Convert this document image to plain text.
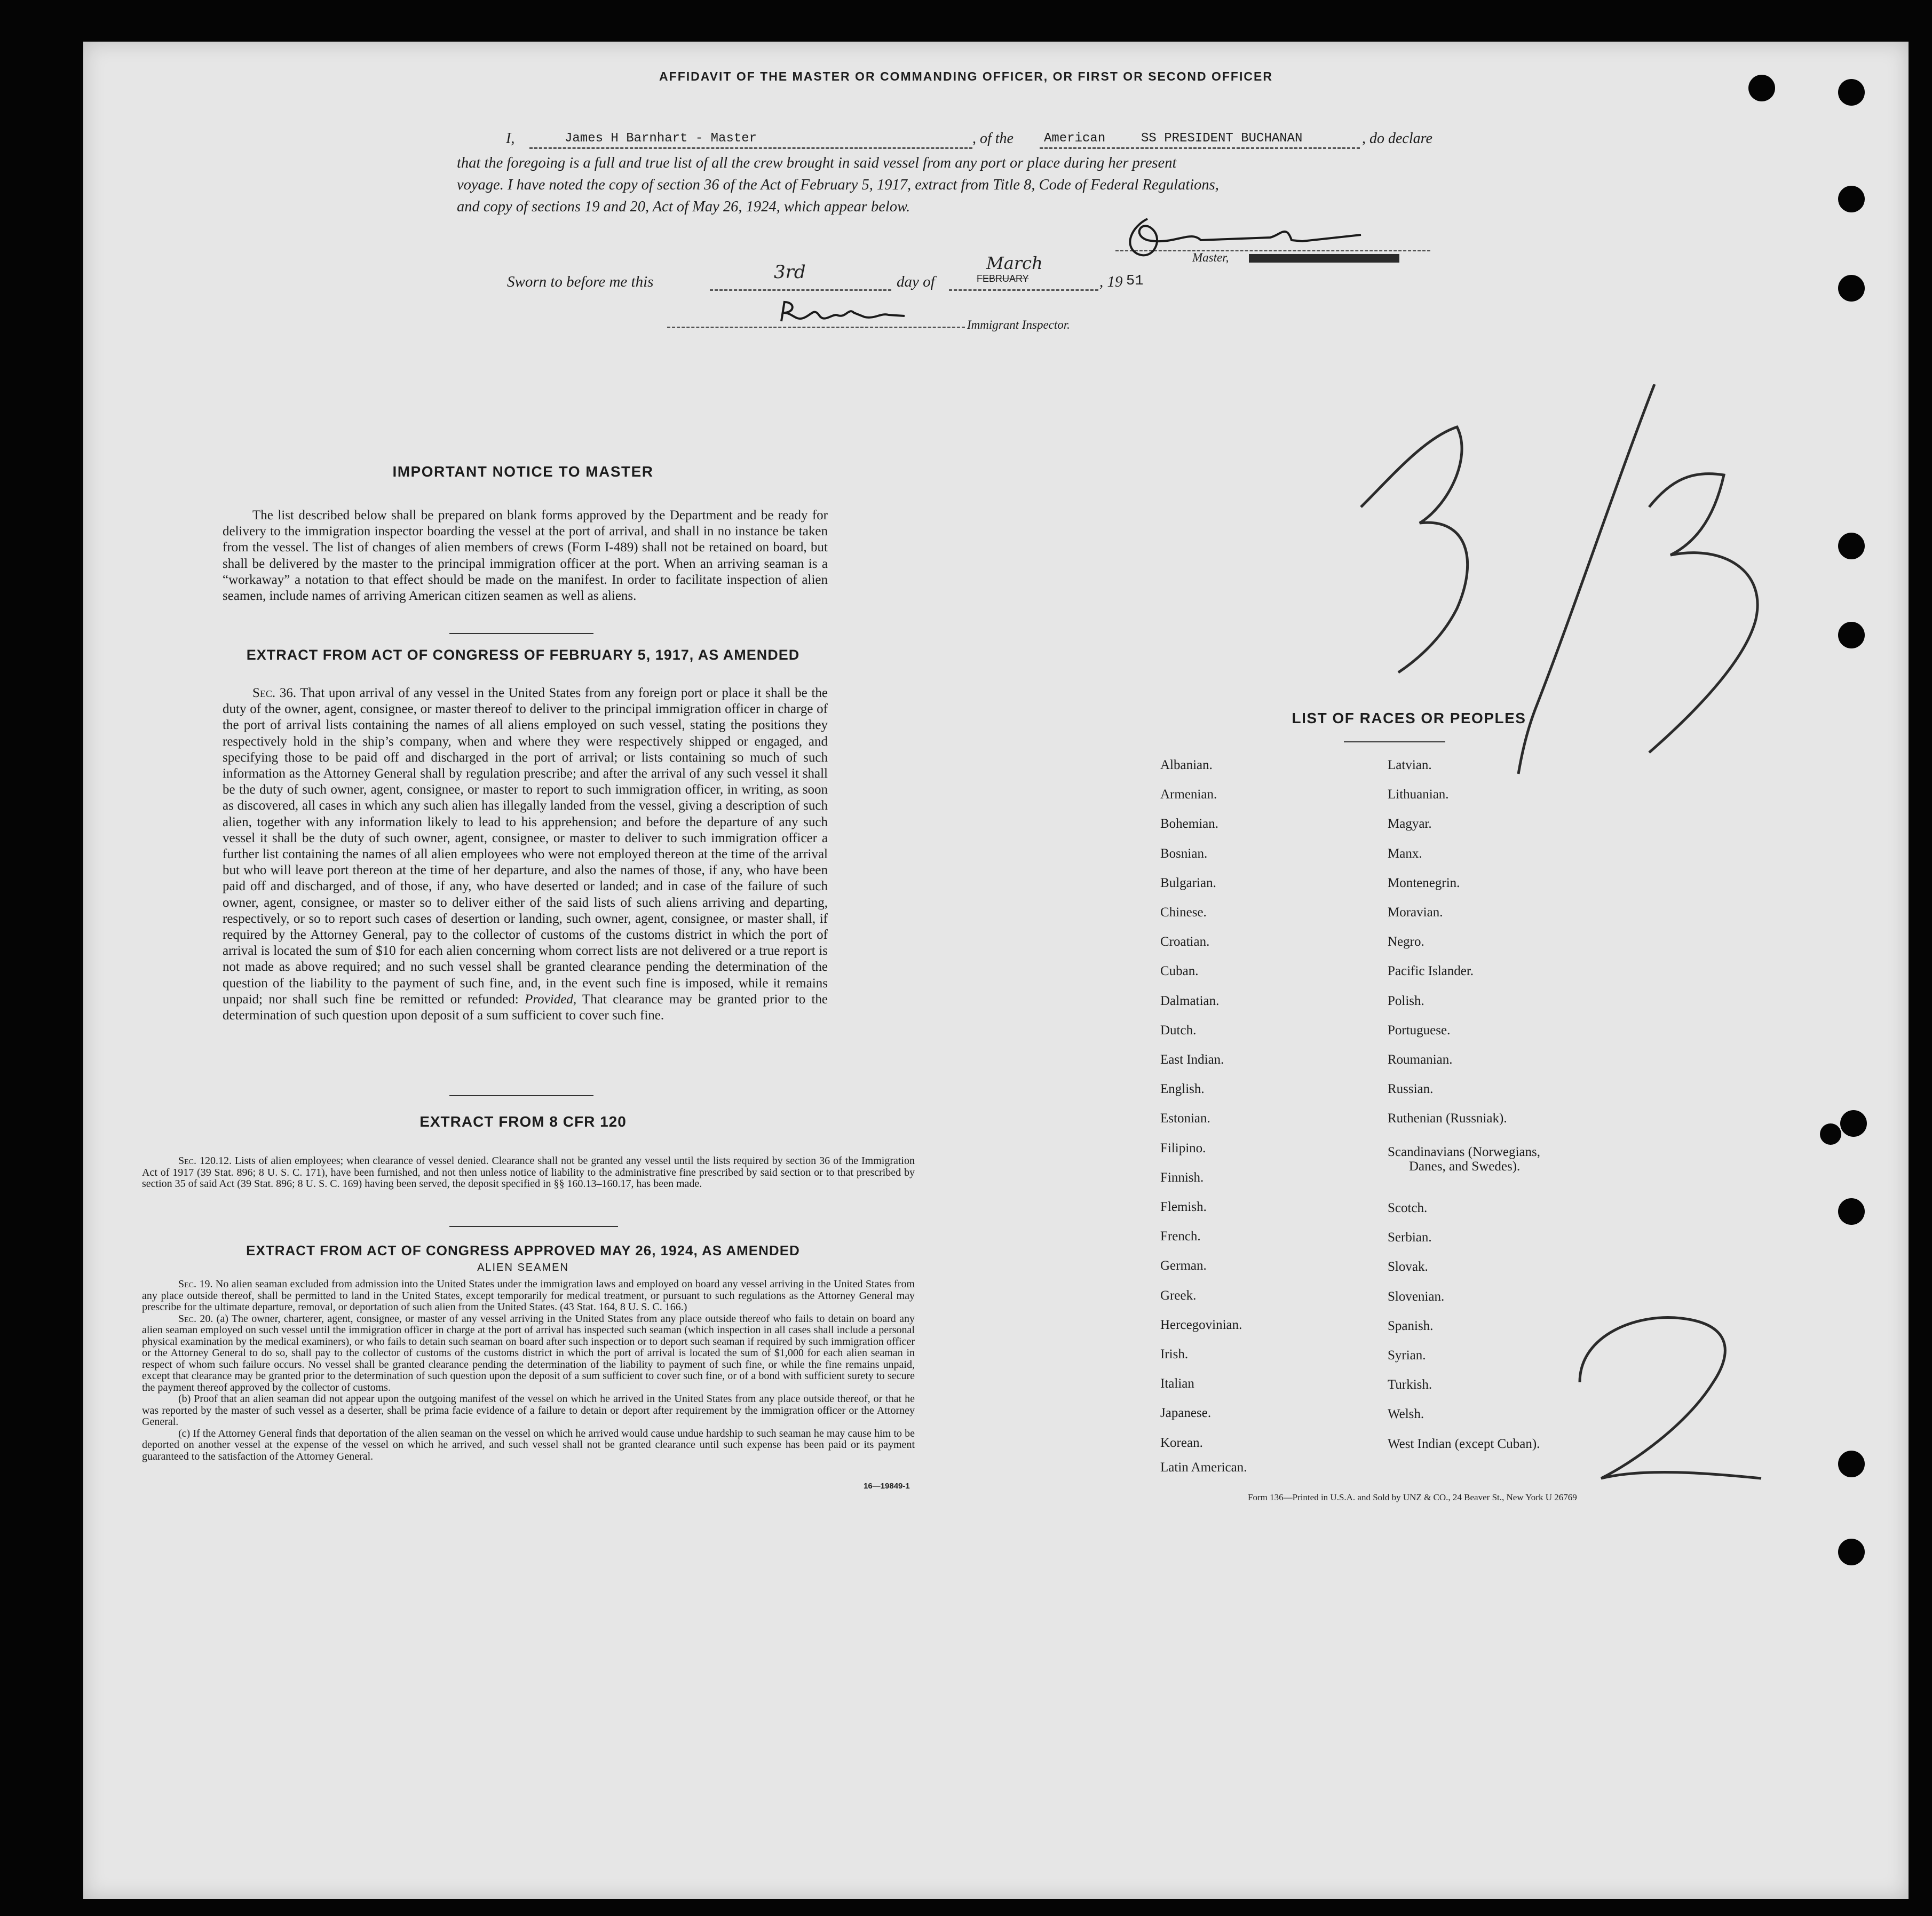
AFFIDAVIT OF THE MASTER OR COMMANDING OFFICER, OR FIRST OR SECOND OFFICER
I,	James H Barnhart - Master	, of the American	SS PRESIDENT BUCHANAN	, do declare
that the foregoing is a full and true list of all the crew brought in said vessel from any port or place during her present
voyage. I have noted the copy of section 36 of the Act of February 5, 1917, extract from Title 8, Code of Federal Regulations,
and copy of sections 19 and 20, Act of May 26, 1924, which appear below.
Master,
Sworn to before me this	3rd	day of	FEBRUARY
March
, 19 51
Immigrant Inspector.
IMPORTANT NOTICE TO MASTER
The list described below shall be prepared on blank forms approved by the Department and be ready for delivery to the immigration inspector boarding the vessel at the port of arrival, and shall in no instance be taken from the vessel. The list of changes of alien members of crews (Form I-489) shall not be retained on board, but shall be delivered by the master to the principal immigration officer at the port. When an arriving seaman is a “workaway” a notation to that effect should be made on the manifest. In order to facilitate inspection of alien seamen, include names of arriving American citizen seamen as well as aliens.
EXTRACT FROM ACT OF CONGRESS OF FEBRUARY 5, 1917, AS AMENDED
Sec. 36. That upon arrival of any vessel in the United States from any foreign port or place it shall be the duty of the owner, agent, consignee, or master thereof to deliver to the principal immigration officer in charge of the port of arrival lists containing the names of all aliens employed on such vessel, stating the positions they respectively hold in the ship’s company, when and where they were respectively shipped or engaged, and specifying those to be paid off and discharged in the port of arrival; or lists containing so much of such information as the Attorney General shall by regulation prescribe; and after the arrival of any such vessel it shall be the duty of such owner, agent, consignee, or master to report to such immigration officer, in writing, as soon as discovered, all cases in which any such alien has illegally landed from the vessel, giving a description of such alien, together with any information likely to lead to his apprehension; and before the departure of any such vessel it shall be the duty of such owner, agent, consignee, or master to deliver to such immigration officer a further list containing the names of all alien employees who were not employed thereon at the time of the arrival but who will leave port thereon at the time of her departure, and also the names of those, if any, who have been paid off and discharged, and of those, if any, who have deserted or landed; and in case of the failure of such owner, agent, consignee, or master so to deliver either of the said lists of such aliens arriving and departing, respectively, or so to report such cases of desertion or landing, such owner, agent, consignee, or master shall, if required by the Attorney General, pay to the collector of customs of the customs district in which the port of arrival is located the sum of $10 for each alien concerning whom correct lists are not delivered or a true report is not made as above required; and no such vessel shall be granted clearance pending the determination of the question of the liability to the payment of such fine, and, in the event such fine is imposed, while it remains unpaid; nor shall such fine be remitted or refunded: Provided, That clearance may be granted prior to the determination of such question upon deposit of a sum sufficient to cover such fine.
EXTRACT FROM 8 CFR 120
Sec. 120.12. Lists of alien employees; when clearance of vessel denied. Clearance shall not be granted any vessel until the lists required by section 36 of the Immigration Act of 1917 (39 Stat. 896; 8 U. S. C. 171), have been furnished, and not then unless notice of liability to the administrative fine prescribed by said section or to that prescribed by section 35 of said Act (39 Stat. 896; 8 U. S. C. 169) having been served, the deposit specified in §§ 160.13–160.17, has been made.
EXTRACT FROM ACT OF CONGRESS APPROVED MAY 26, 1924, AS AMENDED
ALIEN SEAMEN
Sec. 19. No alien seaman excluded from admission into the United States under the immigration laws and employed on board any vessel arriving in the United States from any place outside thereof, shall be permitted to land in the United States, except temporarily for medical treatment, or pursuant to such regulations as the Attorney General may prescribe for the ultimate departure, removal, or deportation of such alien from the United States. (43 Stat. 164, 8 U. S. C. 166.)
Sec. 20. (a) The owner, charterer, agent, consignee, or master of any vessel arriving in the United States from any place outside thereof who fails to detain on board any alien seaman employed on such vessel until the immigration officer in charge at the port of arrival has inspected such seaman (which inspection in all cases shall include a personal physical examination by the medical examiners), or who fails to detain such seaman on board after such inspection or to deport such seaman if required by such immigration officer or the Attorney General to do so, shall pay to the collector of customs of the customs district in which the port of arrival is located the sum of $1,000 for each alien seaman in respect of whom such failure occurs. No vessel shall be granted clearance pending the determination of the liability to payment of such fine, or while the fine remains unpaid, except that clearance may be granted prior to the determination of such question upon the deposit of a sum sufficient to cover such fine, or of a bond with sufficient surety to secure the payment thereof approved by the collector of customs.
(b) Proof that an alien seaman did not appear upon the outgoing manifest of the vessel on which he arrived in the United States from any place outside thereof, or that he was reported by the master of such vessel as a deserter, shall be prima facie evidence of a failure to detain or deport after requirement by the immigration officer or the Attorney General.
(c) If the Attorney General finds that deportation of the alien seaman on the vessel on which he arrived would cause undue hardship to such seaman he may cause him to be deported on another vessel at the expense of the vessel on which he arrived, and such vessel shall not be granted clearance until such expense has been paid or its payment guaranteed to the satisfaction of the Attorney General.
16—19849-1
LIST OF RACES OR PEOPLES
Albanian.
Armenian.
Bohemian.
Bosnian.
Bulgarian.
Chinese.
Croatian.
Cuban.
Dalmatian.
Dutch.
East Indian.
English.
Estonian.
Filipino.
Finnish.
Flemish.
French.
German.
Greek.
Hercegovinian.
Irish.
Italian
Japanese.
Korean.
Latin American.
Latvian.
Lithuanian.
Magyar.
Manx.
Montenegrin.
Moravian.
Negro.
Pacific Islander.
Polish.
Portuguese.
Roumanian.
Russian.
Ruthenian (Russniak).
Scandinavians (Norwegians,
Danes, and Swedes).
Scotch.
Serbian.
Slovak.
Slovenian.
Spanish.
Syrian.
Turkish.
Welsh.
West Indian (except Cuban).
Form 136—Printed in U.S.A. and Sold by UNZ & CO., 24 Beaver St., New York U 26769
